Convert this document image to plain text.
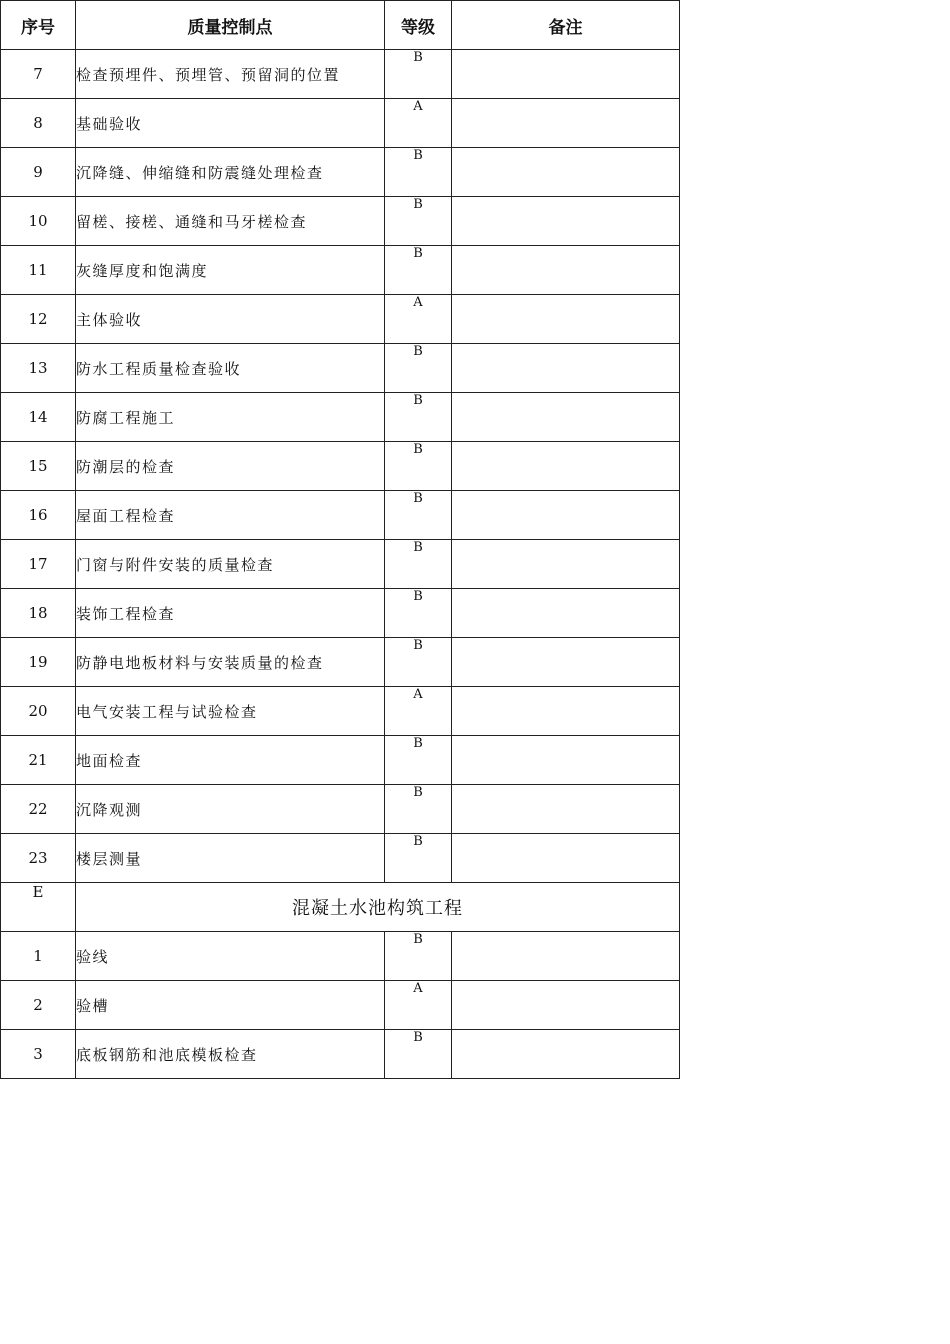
序号	质量控制点	等级	备注
7	检查预埋件、预埋管、预留洞的位置	B	
8	基础验收	A	
9	沉降缝、伸缩缝和防震缝处理检查	B	
10	留槎、接槎、通缝和马牙槎检查	B	
11	灰缝厚度和饱满度	B	
12	主体验收	A	
13	防水工程质量检查验收	B	
14	防腐工程施工	B	
15	防潮层的检查	B	
16	屋面工程检查	B	
17	门窗与附件安装的质量检查	B	
18	装饰工程检查	B	
19	防静电地板材料与安装质量的检查	B	
20	电气安装工程与试验检查	A	
21	地面检查	B	
22	沉降观测	B	
23	楼层测量	B	
E	混凝土水池构筑工程		
1	验线	B	
2	验槽	A	
3	底板钢筋和池底模板检查	B	
